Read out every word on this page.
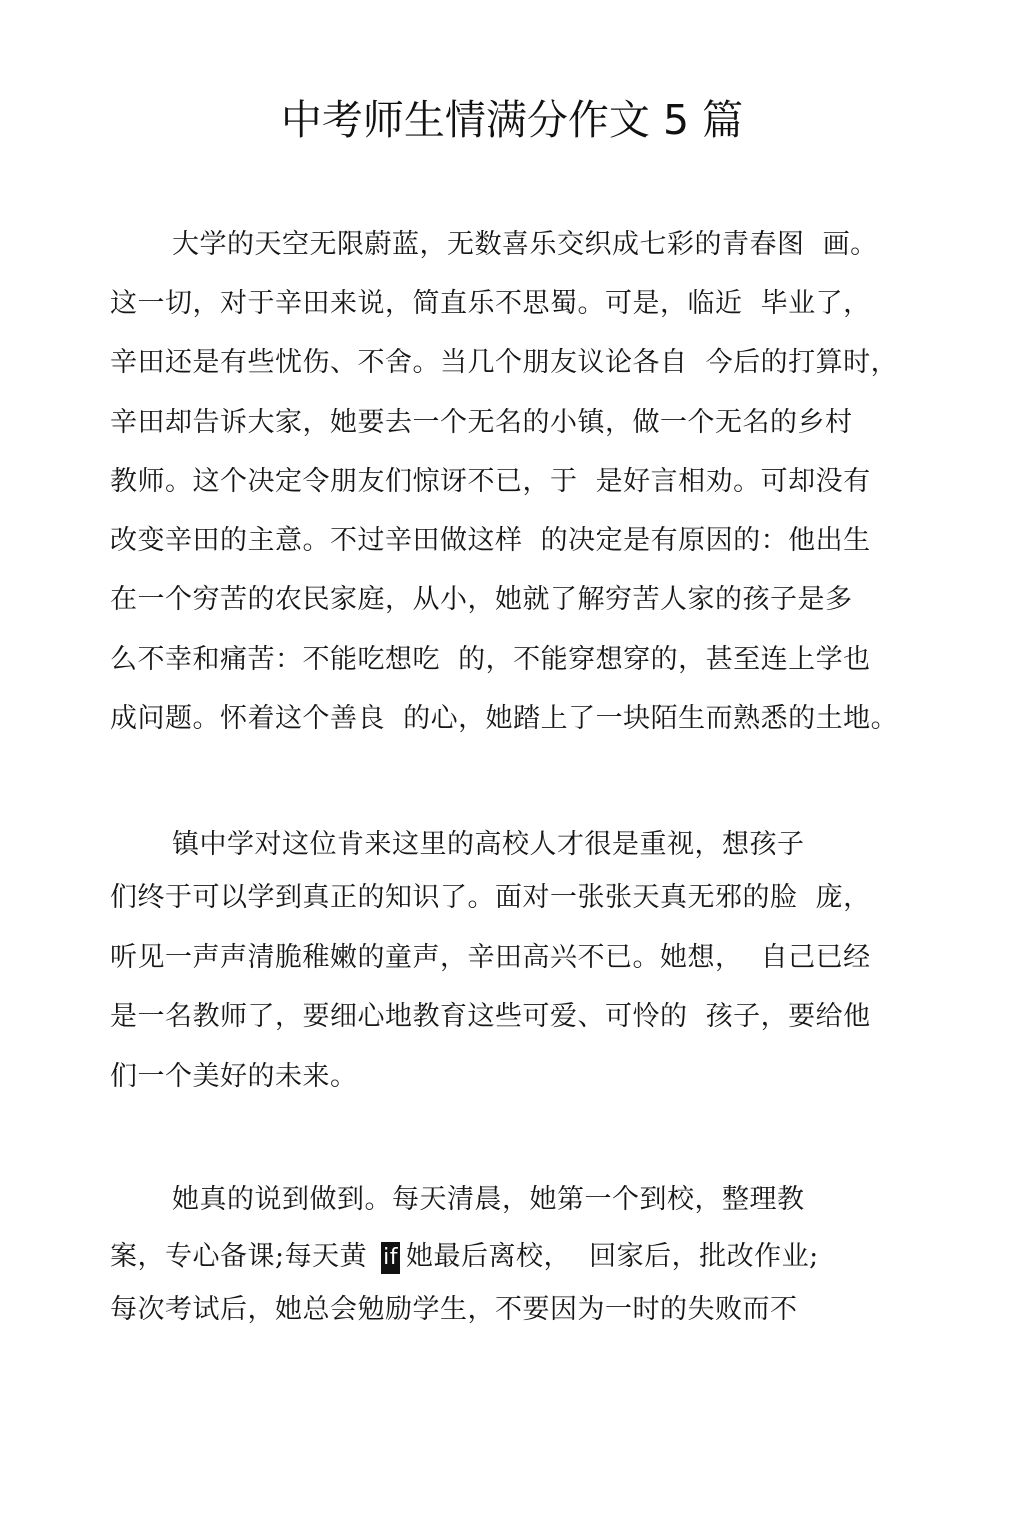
中考师生情满分作文 5 篇
大学的天空无限蔚蓝，无数喜乐交织成七彩的青春图  画。
这一切，对于辛田来说，简直乐不思蜀。可是，临近  毕业了，
辛田还是有些忧伤、不舍。当几个朋友议论各自  今后的打算时，
辛田却告诉大家，她要去一个无名的小镇，做一个无名的乡村
教师。这个决定令朋友们惊讶不已，于  是好言相劝。可却没有
改变辛田的主意。不过辛田做这样  的决定是有原因的：他出生
在一个穷苦的农民家庭，从小，她就了解穷苦人家的孩子是多
么不幸和痛苦：不能吃想吃  的，不能穿想穿的，甚至连上学也
成问题。怀着这个善良  的心，她踏上了一块陌生而熟悉的土地。
镇中学对这位肯来这里的高校人才很是重视，想孩子
们终于可以学到真正的知识了。面对一张张天真无邪的脸  庞，
听见一声声清脆稚嫩的童声，辛田高兴不已。她想，  自己已经
是一名教师了，要细心地教育这些可爱、可怜的  孩子，要给他
们一个美好的未来。
她真的说到做到。每天清晨，她第一个到校，整理教
案，专心备课;每天黄 if 她最后离校，  回家后，批改作业;
每次考试后，她总会勉励学生，不要因为一时的失败而不
